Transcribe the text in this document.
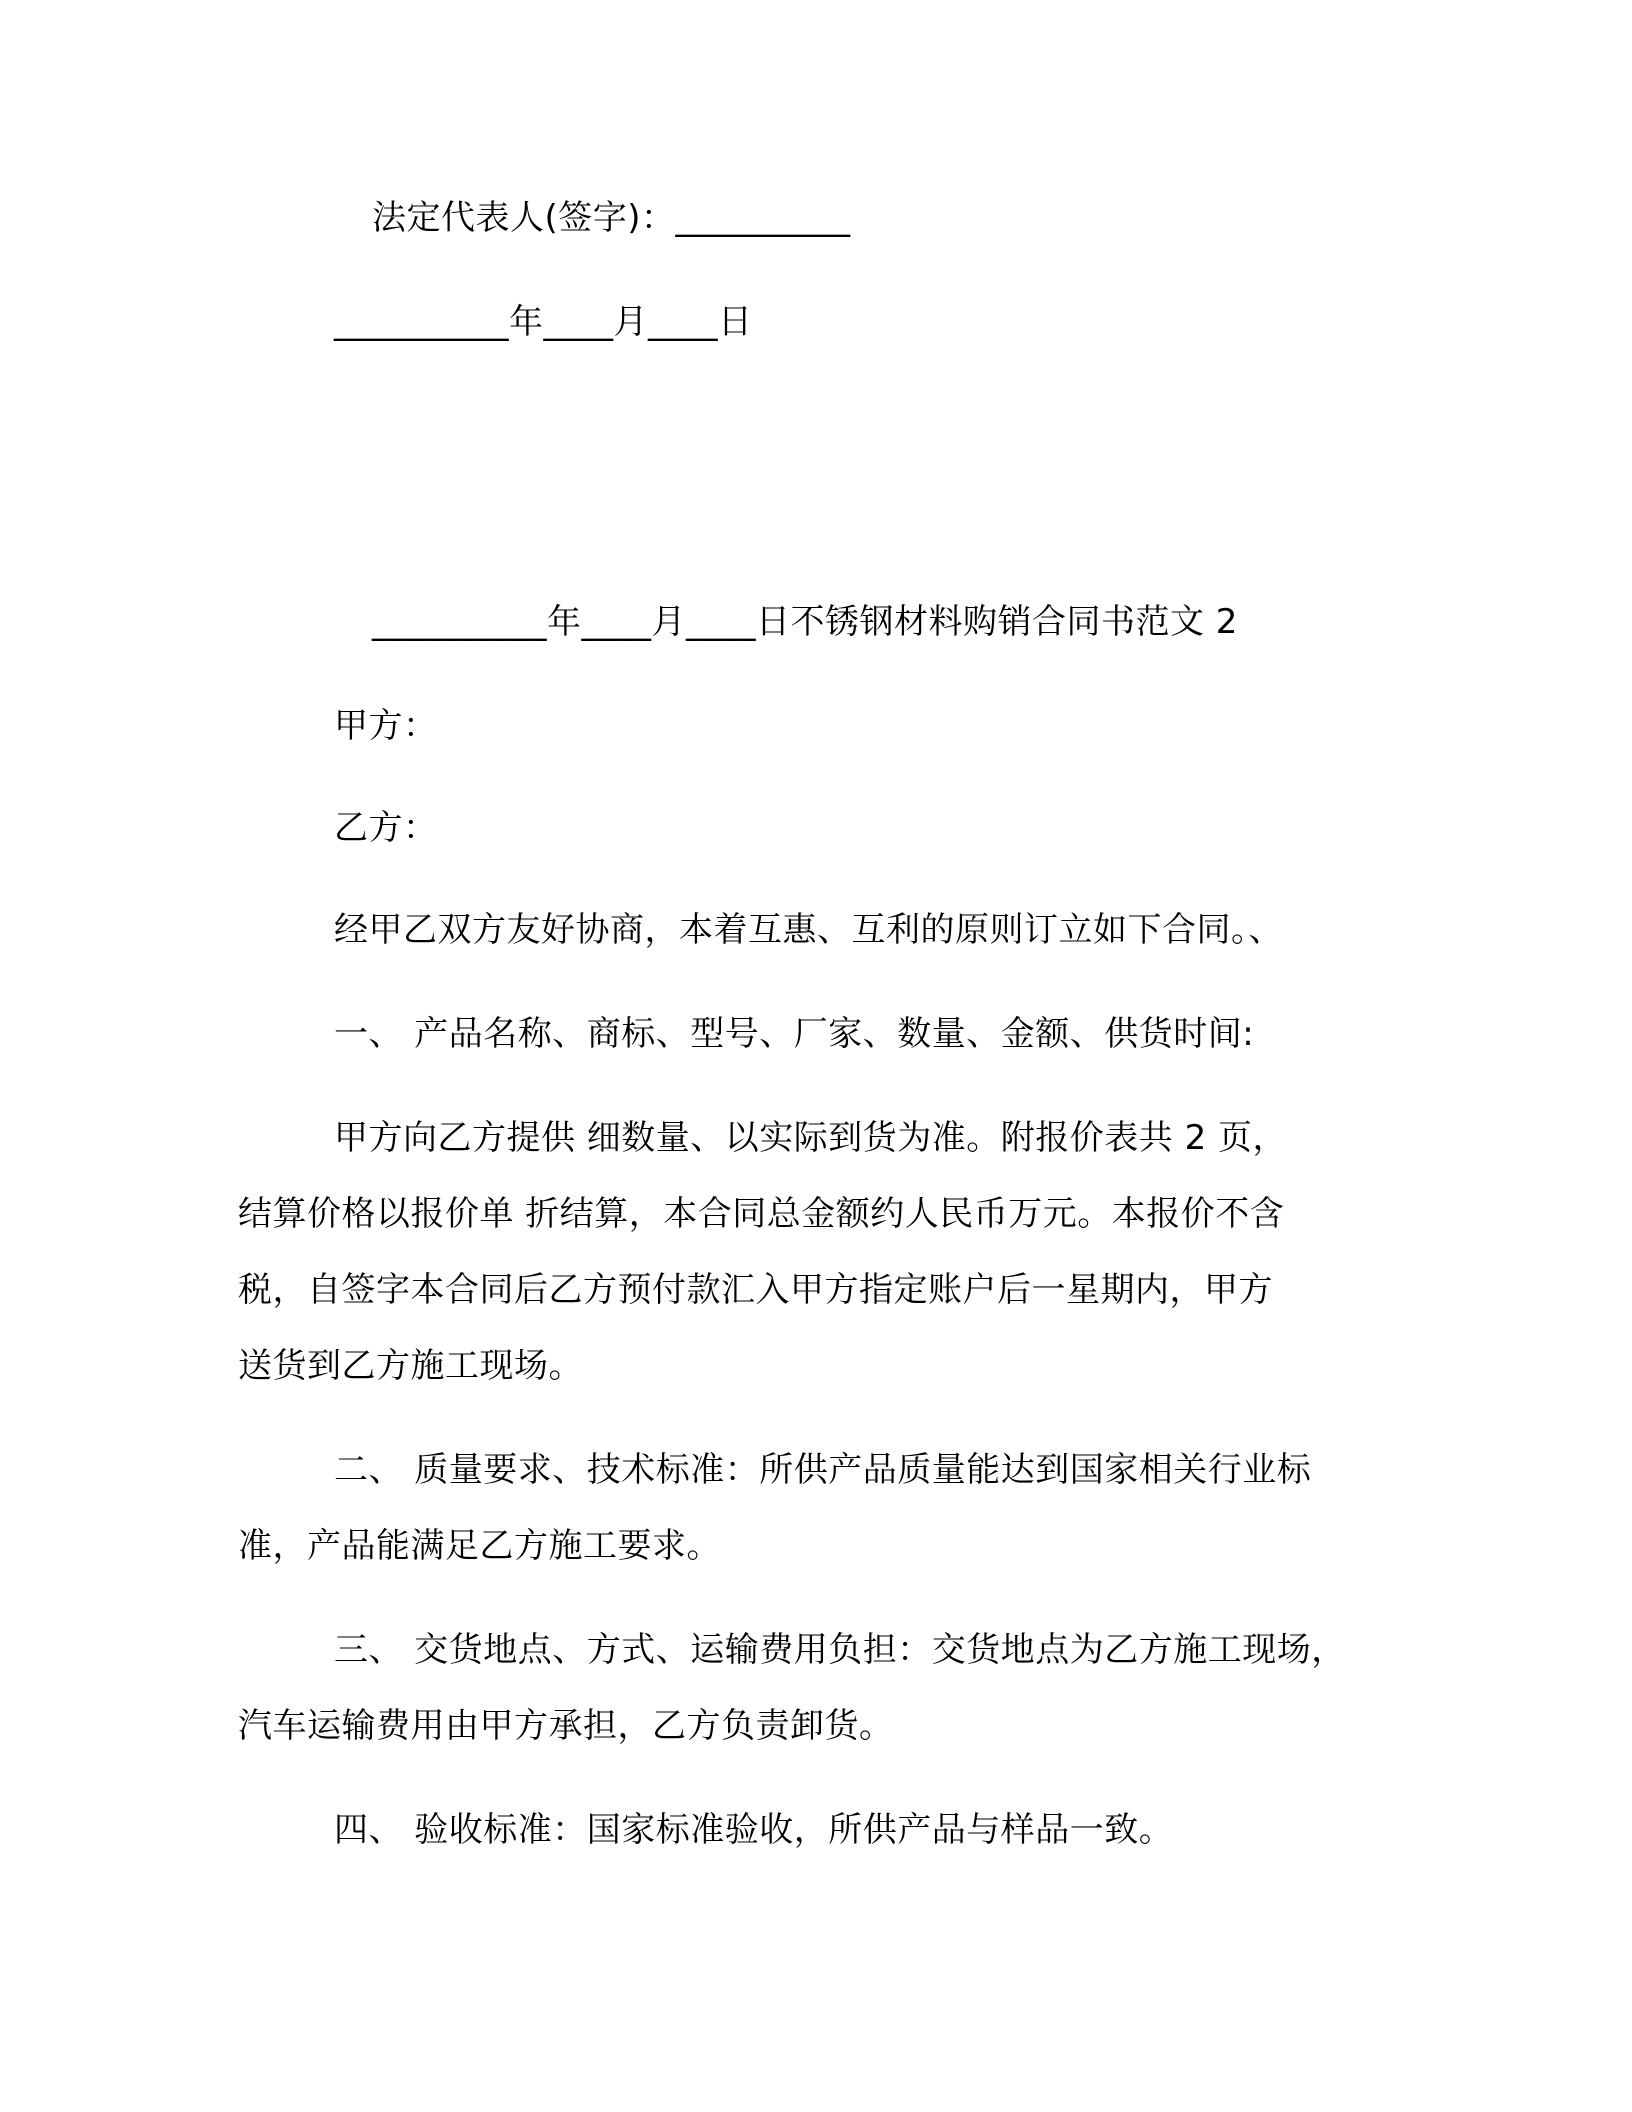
法定代表人(签字)：__________
__________年____月____日
__________年____月____日不锈钢材料购销合同书范文 2
甲方：
乙方：
经甲乙双方友好协商，本着互惠、互利的原则订立如下合同。、
一、 产品名称、商标、型号、厂家、数量、金额、供货时间:
甲方向乙方提供 细数量、以实际到货为准。附报价表共 2 页，
结算价格以报价单 折结算，本合同总金额约人民币万元。本报价不含
税，自签字本合同后乙方预付款汇入甲方指定账户后一星期内，甲方
送货到乙方施工现场。
二、 质量要求、技术标准：所供产品质量能达到国家相关行业标
准，产品能满足乙方施工要求。
三、 交货地点、方式、运输费用负担：交货地点为乙方施工现场，
汽车运输费用由甲方承担，乙方负责卸货。
四、 验收标准：国家标准验收，所供产品与样品一致。
